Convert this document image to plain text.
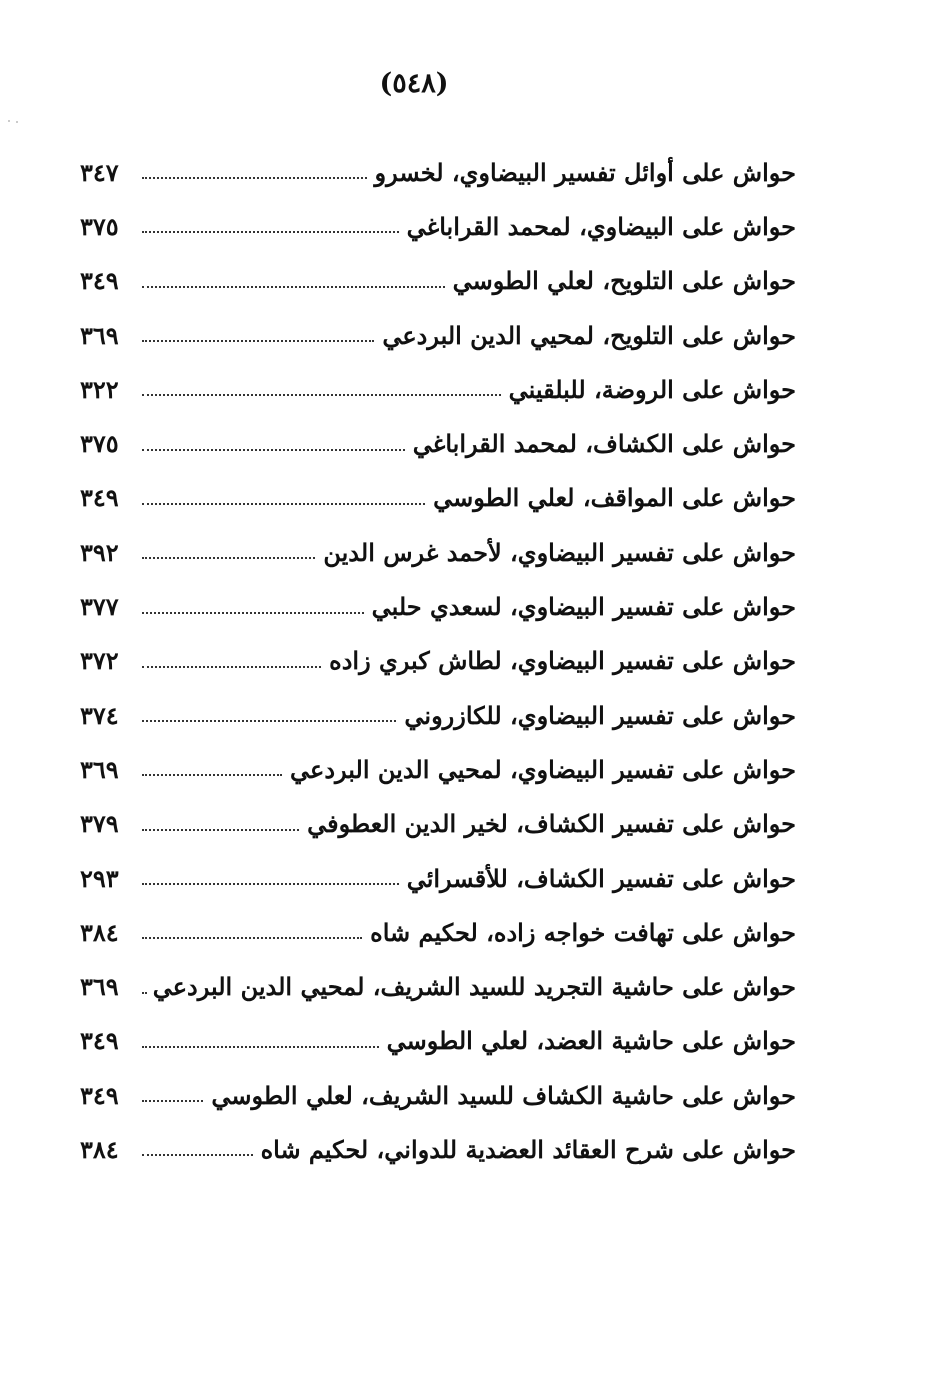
(٥٤٨)
حواش على أوائل تفسير البيضاوي، لخسرو
٣٤٧
حواش على البيضاوي، لمحمد القراباغي
٣٧٥
حواش على التلويح، لعلي الطوسي
٣٤٩
حواش على التلويح، لمحيي الدين البردعي
٣٦٩
حواش على الروضة، للبلقيني
٣٢٢
حواش على الكشاف، لمحمد القراباغي
٣٧٥
حواش على المواقف، لعلي الطوسي
٣٤٩
حواش على تفسير البيضاوي، لأحمد غرس الدين
٣٩٢
حواش على تفسير البيضاوي، لسعدي حلبي
٣٧٧
حواش على تفسير البيضاوي، لطاش كبري زاده
٣٧٢
حواش على تفسير البيضاوي، للكازروني
٣٧٤
حواش على تفسير البيضاوي، لمحيي الدين البردعي
٣٦٩
حواش على تفسير الكشاف، لخير الدين العطوفي
٣٧٩
حواش على تفسير الكشاف، للأقسرائي
٢٩٣
حواش على تهافت خواجه زاده، لحكيم شاه
٣٨٤
حواش على حاشية التجريد للسيد الشريف، لمحيي الدين البردعي
٣٦٩
حواش على حاشية العضد، لعلي الطوسي
٣٤٩
حواش على حاشية الكشاف للسيد الشريف، لعلي الطوسي
٣٤٩
حواش على شرح العقائد العضدية للدواني، لحكيم شاه
٣٨٤
